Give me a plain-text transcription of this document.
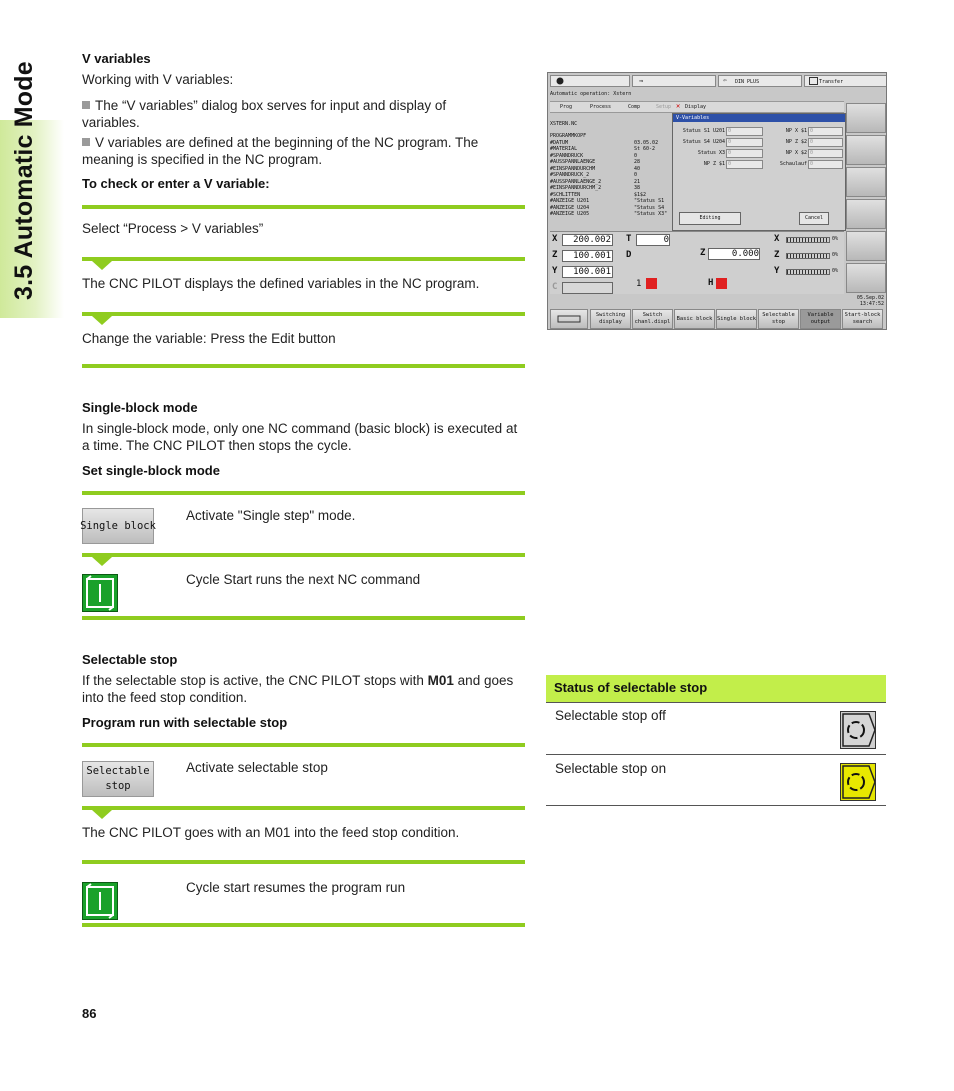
3.5 Automatic Mode
V variables
Working with V variables:
The “V variables” dialog box serves for input and display of variables.
V variables are defined at the beginning of the NC program. The meaning is specified in the NC program.
To check or enter a V variable:
Select “Process > V variables”
The CNC PILOT displays the defined variables in the NC program.
Change the variable: Press the Edit button
Single-block mode
In single-block mode, only one NC command (basic block) is executed at a time. The CNC PILOT then stops the cycle.
Set single-block mode
Single block
Activate "Single step" mode.
Cycle Start runs the next NC command
Selectable stop
If the selectable stop is active, the CNC PILOT stops with M01 and goes into the feed stop condition.
Program run with selectable stop
Selectable
stop
Activate selectable stop
The CNC PILOT goes with an M01 into the feed stop condition.
Cycle start resumes the program run
Status of selectable stop
Selectable stop off
Selectable stop on
86
⇒	⇦ DIN PLUS	Transfer
Automatic operation: Xstern
Prog	Process	Comp	Setup ✕ Display
XSTERN.NC
PROGRAMMKOPF
#DATUM	03.05.02
#MATERIAL	St 60-2
#SPANNDRUCK	0
#AUSSPANNLAENGE	28
#EINSPANNDURCHM	40
#SPANNDRUCK_2	0
#AUSSPANNLAENGE_2	21
#EINSPANNDURCHM_2	38
#SCHLITTEN	$1$2
#ANZEIGE U201	"Status S1
#ANZEIGE U204	"Status S4
#ANZEIGE U205	"Status X3"
V-Variables
Status S1 U201 0
Status S4 U204 0
Status X3 0
NP Z $1 0
NP X $1 0
NP Z $2 0
NP X $2 0
Schaulauf 0
Editing	Cancel
X	200.002
Z	100.001
Y	100.001
C
T	0
D	Z	0.000
X	0%
Z	0%
Y	0%
1	H
05.Sep.02
13:47:52
Switching
display
Switch
chanl.displ
Basic block Single block
Selectable
stop
Variable
output
Start-block
search
